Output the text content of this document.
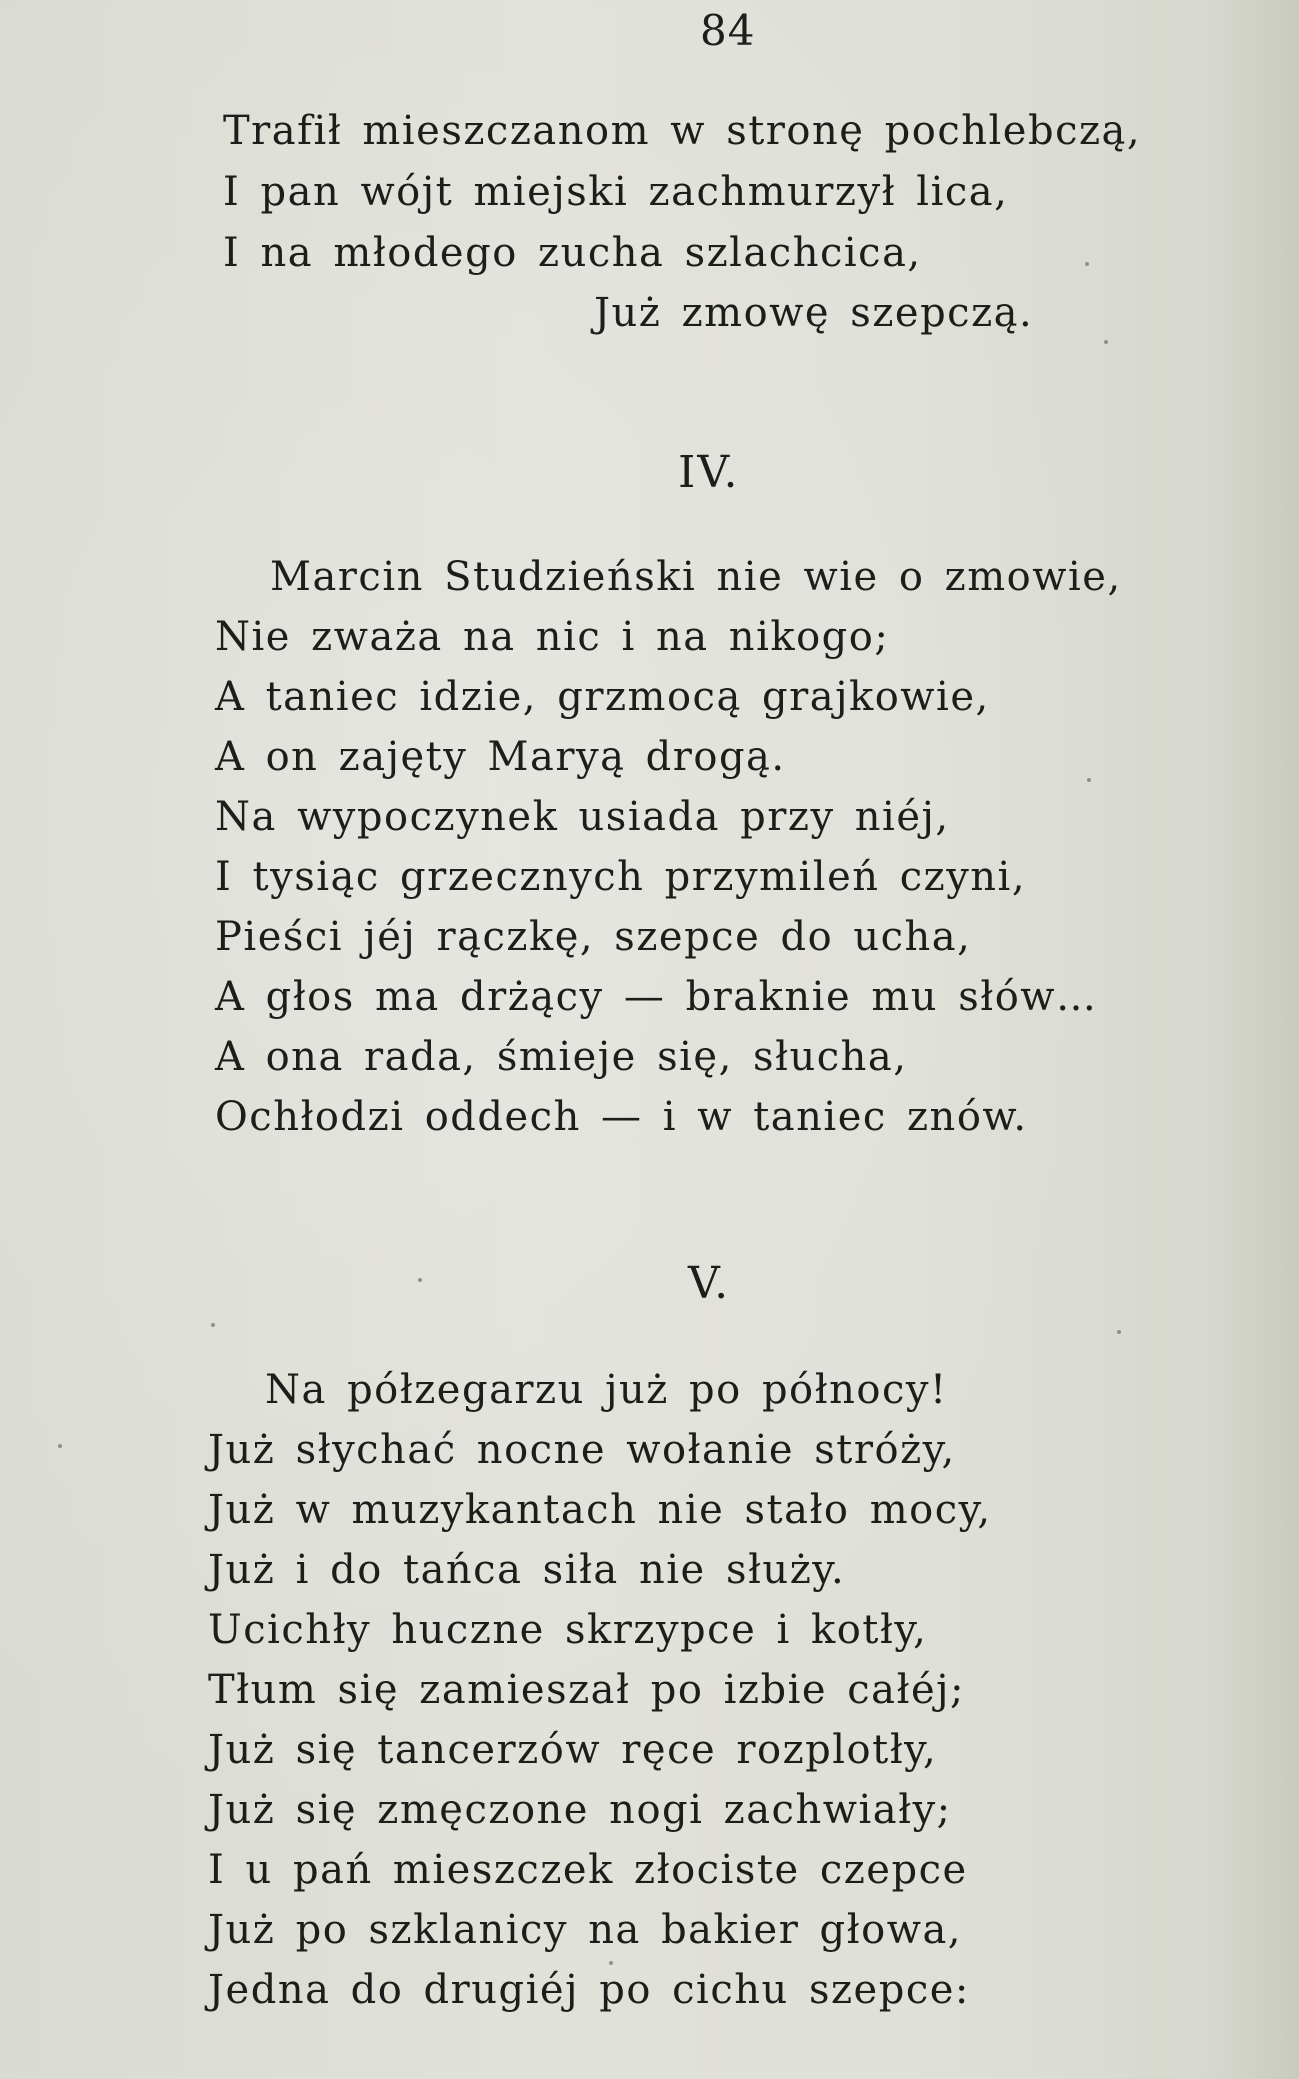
84
Trafił mieszczanom w stronę pochlebczą,
I pan wójt miejski zachmurzył lica,
I na młodego zucha szlachcica,
Już zmowę szepczą.
IV.
Marcin Studzieński nie wie o zmowie,
Nie zważa na nic i na nikogo;
A taniec idzie, grzmocą grajkowie,
A on zajęty Maryą drogą.
Na wypoczynek usiada przy niéj,
I tysiąc grzecznych przymileń czyni,
Pieści jéj rączkę, szepce do ucha,
A głos ma drżący — braknie mu słów…
A ona rada, śmieje się, słucha,
Ochłodzi oddech — i w taniec znów.
V.
Na półzegarzu już po północy!
Już słychać nocne wołanie stróży,
Już w muzykantach nie stało mocy,
Już i do tańca siła nie służy.
Ucichły huczne skrzypce i kotły,
Tłum się zamieszał po izbie całéj;
Już się tancerzów ręce rozplotły,
Już się zmęczone nogi zachwiały;
I u pań mieszczek złociste czepce
Już po szklanicy na bakier głowa,
Jedna do drugiéj po cichu szepce:
